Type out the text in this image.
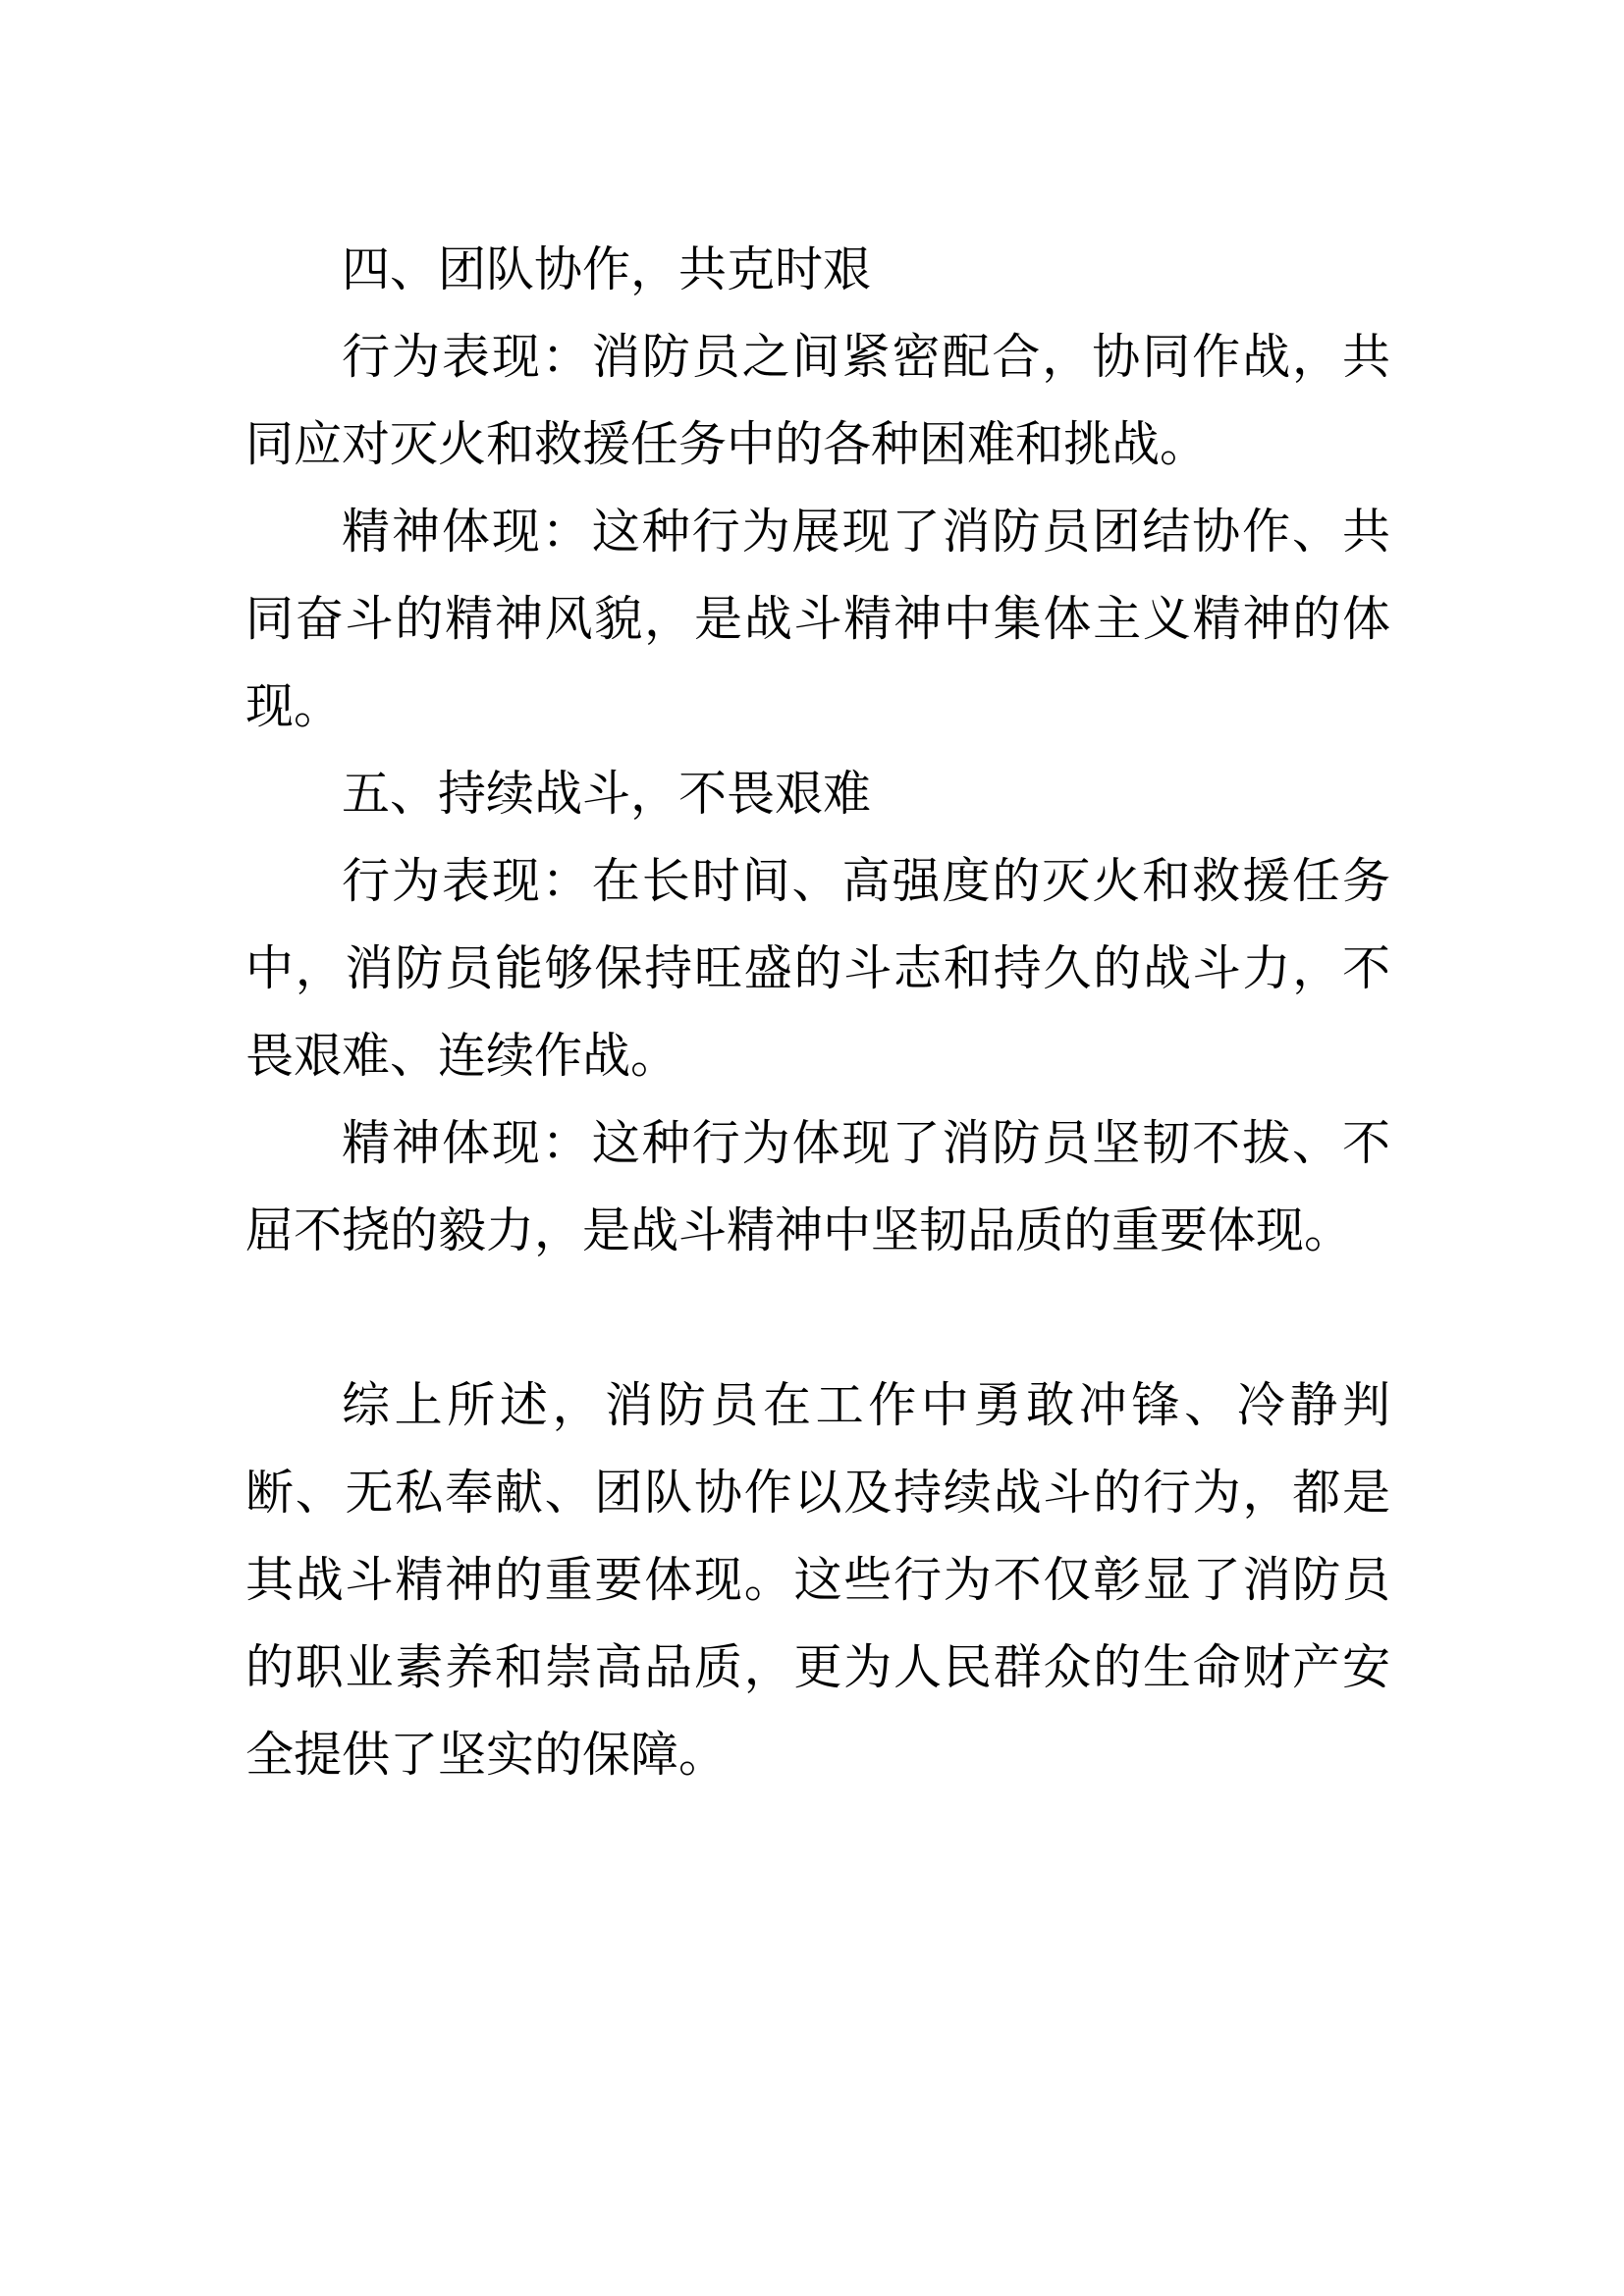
四、团队协作，共克时艰

行为表现：消防员之间紧密配合，协同作战，共同应对灭火和救援任务中的各种困难和挑战。

精神体现：这种行为展现了消防员团结协作、共同奋斗的精神风貌，是战斗精神中集体主义精神的体现。

五、持续战斗，不畏艰难

行为表现：在长时间、高强度的灭火和救援任务中，消防员能够保持旺盛的斗志和持久的战斗力，不畏艰难、连续作战。

精神体现：这种行为体现了消防员坚韧不拔、不屈不挠的毅力，是战斗精神中坚韧品质的重要体现。

综上所述，消防员在工作中勇敢冲锋、冷静判断、无私奉献、团队协作以及持续战斗的行为，都是其战斗精神的重要体现。这些行为不仅彰显了消防员的职业素养和崇高品质，更为人民群众的生命财产安全提供了坚实的保障。
